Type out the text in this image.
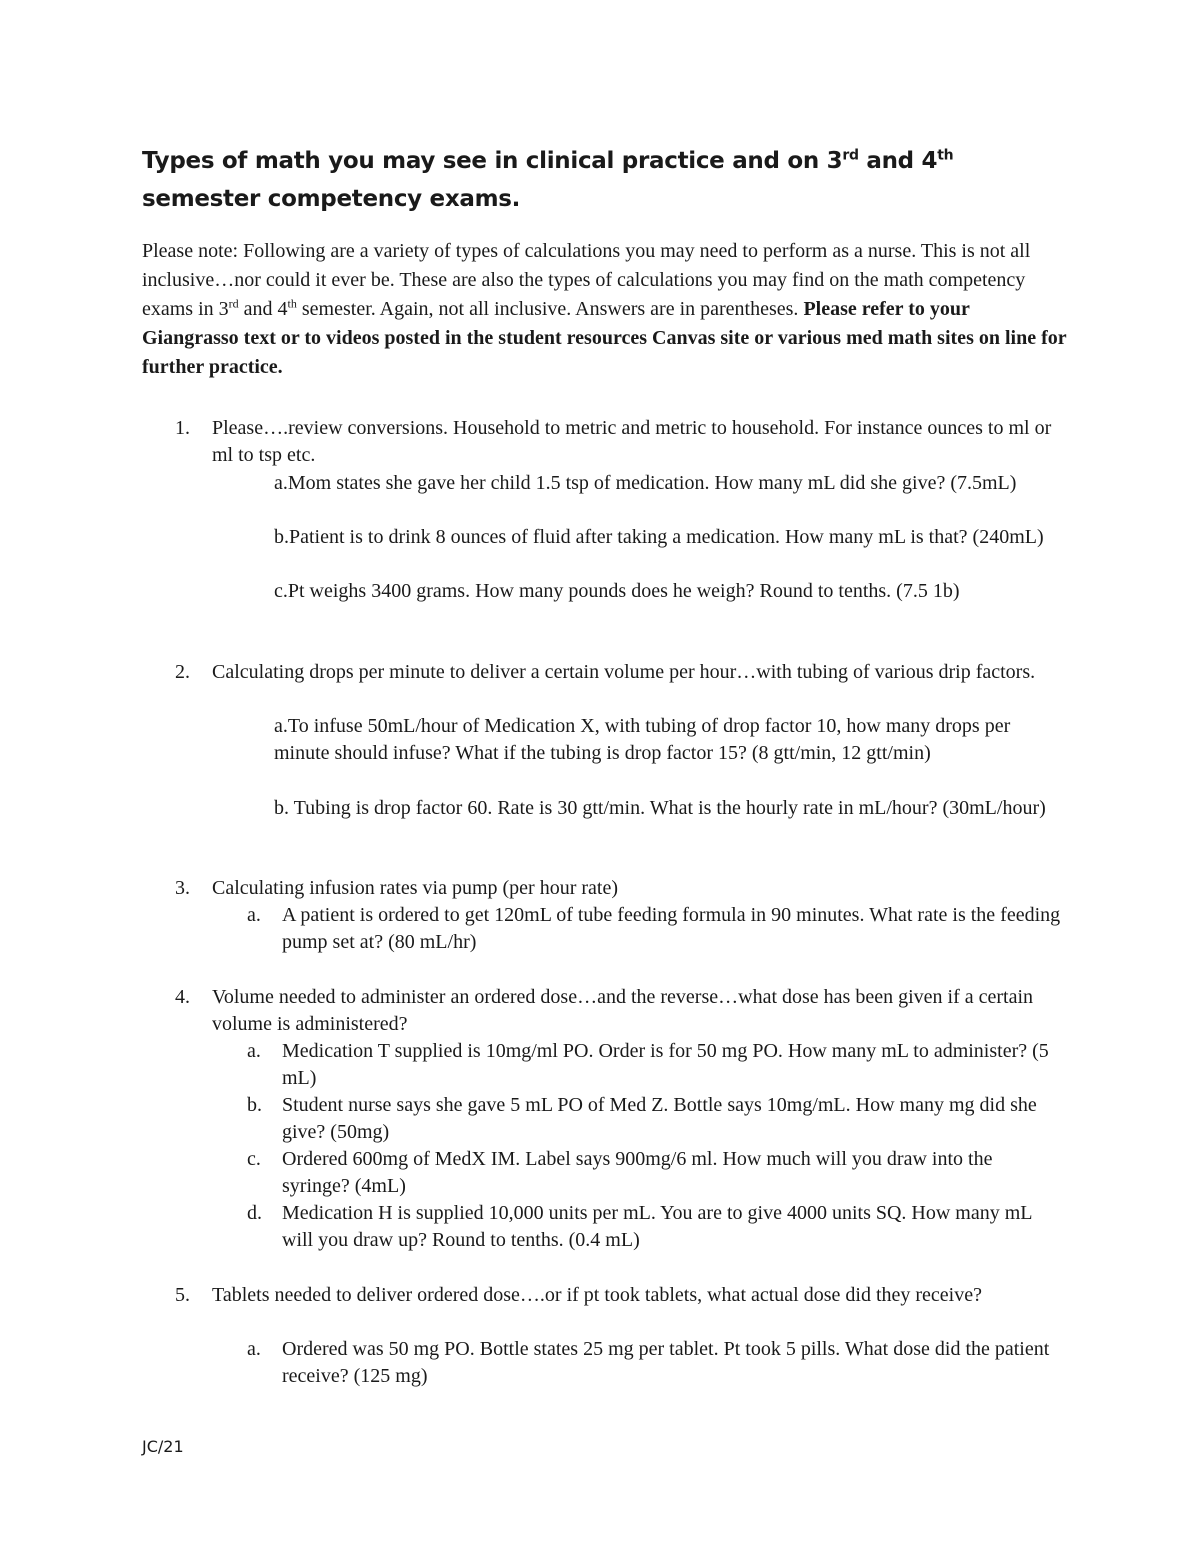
Types of math you may see in clinical practice and on 3rd and 4th semester competency exams.

Please note: Following are a variety of types of calculations you may need to perform as a nurse. This is not all inclusive…nor could it ever be. These are also the types of calculations you may find on the math competency exams in 3rd and 4th semester. Again, not all inclusive. Answers are in parentheses. Please refer to your Giangrasso text or to videos posted in the student resources Canvas site or various med math sites on line for further practice.

1. Please….review conversions. Household to metric and metric to household. For instance ounces to ml or ml to tsp etc.
a.Mom states she gave her child 1.5 tsp of medication. How many mL did she give? (7.5mL)
b.Patient is to drink 8 ounces of fluid after taking a medication. How many mL is that? (240mL)
c.Pt weighs 3400 grams. How many pounds does he weigh? Round to tenths. (7.5 1b)
2. Calculating drops per minute to deliver a certain volume per hour…with tubing of various drip factors.
a.To infuse 50mL/hour of Medication X, with tubing of drop factor 10, how many drops per minute should infuse? What if the tubing is drop factor 15? (8 gtt/min, 12 gtt/min)
b. Tubing is drop factor 60. Rate is 30 gtt/min. What is the hourly rate in mL/hour? (30mL/hour)
3. Calculating infusion rates via pump (per hour rate)
a. A patient is ordered to get 120mL of tube feeding formula in 90 minutes. What rate is the feeding pump set at? (80 mL/hr)
4. Volume needed to administer an ordered dose…and the reverse…what dose has been given if a certain volume is administered?
a. Medication T supplied is 10mg/ml PO. Order is for 50 mg PO. How many mL to administer? (5 mL)
b. Student nurse says she gave 5 mL PO of Med Z. Bottle says 10mg/mL. How many mg did she give? (50mg)
c. Ordered 600mg of MedX IM. Label says 900mg/6 ml. How much will you draw into the syringe? (4mL)
d. Medication H is supplied 10,000 units per mL. You are to give 4000 units SQ. How many mL will you draw up? Round to tenths. (0.4 mL)
5. Tablets needed to deliver ordered dose….or if pt took tablets, what actual dose did they receive?
a. Ordered was 50 mg PO. Bottle states 25 mg per tablet. Pt took 5 pills. What dose did the patient receive? (125 mg)

JC/21
